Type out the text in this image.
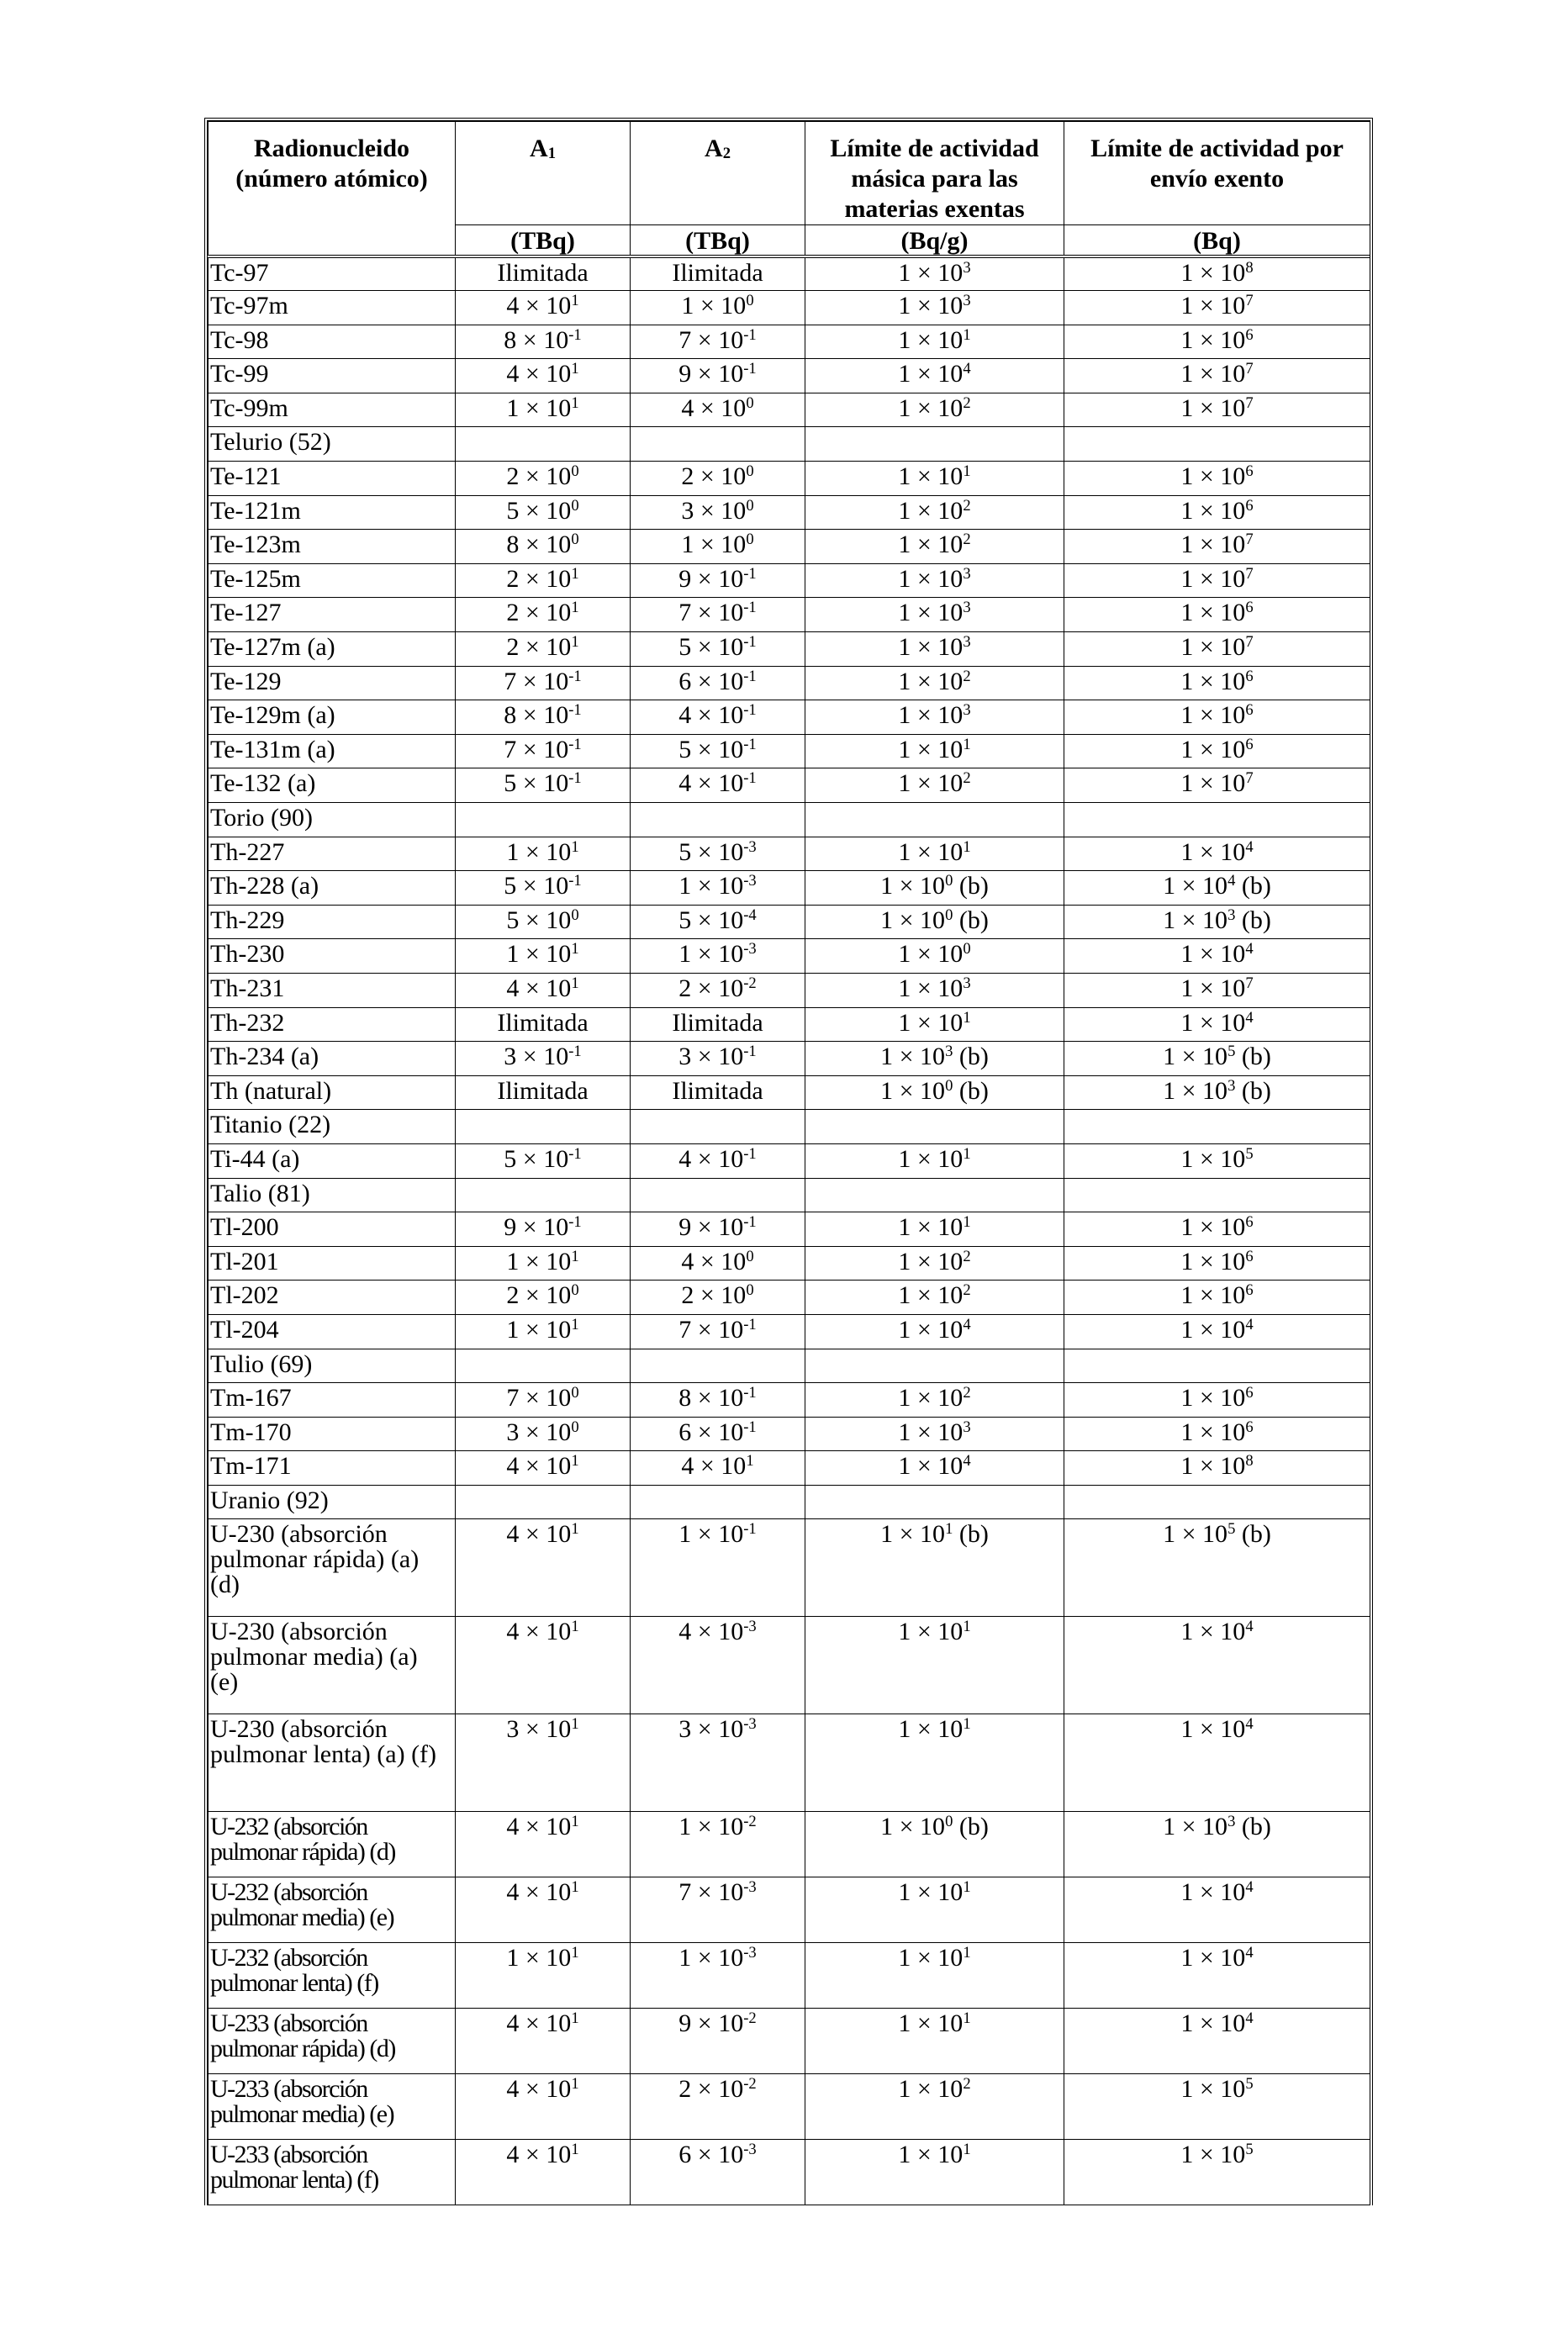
Radionucleido (número atómico)	$A_1$	$A_2$	Límite de actividad másica para las materias exentas	Límite de actividad por envío exento
	(TBq)	(TBq)	(Bq/g)	(Bq)
Tc-97	Ilimitada	Ilimitada	$1 \times 10^3$	$1 \times 10^8$
Tc-97m	$4 \times 10^1$	$1 \times 10^0$	$1 \times 10^3$	$1 \times 10^7$
Tc-98	$8 \times 10^{-1}$	$7 \times 10^{-1}$	$1 \times 10^1$	$1 \times 10^6$
Tc-99	$4 \times 10^1$	$9 \times 10^{-1}$	$1 \times 10^4$	$1 \times 10^7$
Tc-99m	$1 \times 10^1$	$4 \times 10^0$	$1 \times 10^2$	$1 \times 10^7$
Telurio (52)				
Te-121	$2 \times 10^0$	$2 \times 10^0$	$1 \times 10^1$	$1 \times 10^6$
Te-121m	$5 \times 10^0$	$3 \times 10^0$	$1 \times 10^2$	$1 \times 10^6$
Te-123m	$8 \times 10^0$	$1 \times 10^0$	$1 \times 10^2$	$1 \times 10^7$
Te-125m	$2 \times 10^1$	$9 \times 10^{-1}$	$1 \times 10^3$	$1 \times 10^7$
Te-127	$2 \times 10^1$	$7 \times 10^{-1}$	$1 \times 10^3$	$1 \times 10^6$
Te-127m (a)	$2 \times 10^1$	$5 \times 10^{-1}$	$1 \times 10^3$	$1 \times 10^7$
Te-129	$7 \times 10^{-1}$	$6 \times 10^{-1}$	$1 \times 10^2$	$1 \times 10^6$
Te-129m (a)	$8 \times 10^{-1}$	$4 \times 10^{-1}$	$1 \times 10^3$	$1 \times 10^6$
Te-131m (a)	$7 \times 10^{-1}$	$5 \times 10^{-1}$	$1 \times 10^1$	$1 \times 10^6$
Te-132 (a)	$5 \times 10^{-1}$	$4 \times 10^{-1}$	$1 \times 10^2$	$1 \times 10^7$
Torio (90)				
Th-227	$1 \times 10^1$	$5 \times 10^{-3}$	$1 \times 10^1$	$1 \times 10^4$
Th-228 (a)	$5 \times 10^{-1}$	$1 \times 10^{-3}$	$1 \times 10^0$ (b)	$1 \times 10^4$ (b)
Th-229	$5 \times 10^0$	$5 \times 10^{-4}$	$1 \times 10^0$ (b)	$1 \times 10^3$ (b)
Th-230	$1 \times 10^1$	$1 \times 10^{-3}$	$1 \times 10^0$	$1 \times 10^4$
Th-231	$4 \times 10^1$	$2 \times 10^{-2}$	$1 \times 10^3$	$1 \times 10^7$
Th-232	Ilimitada	Ilimitada	$1 \times 10^1$	$1 \times 10^4$
Th-234 (a)	$3 \times 10^{-1}$	$3 \times 10^{-1}$	$1 \times 10^3$ (b)	$1 \times 10^5$ (b)
Th (natural)	Ilimitada	Ilimitada	$1 \times 10^0$ (b)	$1 \times 10^3$ (b)
Titanio (22)				
Ti-44 (a)	$5 \times 10^{-1}$	$4 \times 10^{-1}$	$1 \times 10^1$	$1 \times 10^5$
Talio (81)				
Tl-200	$9 \times 10^{-1}$	$9 \times 10^{-1}$	$1 \times 10^1$	$1 \times 10^6$
Tl-201	$1 \times 10^1$	$4 \times 10^0$	$1 \times 10^2$	$1 \times 10^6$
Tl-202	$2 \times 10^0$	$2 \times 10^0$	$1 \times 10^2$	$1 \times 10^6$
Tl-204	$1 \times 10^1$	$7 \times 10^{-1}$	$1 \times 10^4$	$1 \times 10^4$
Tulio (69)				
Tm-167	$7 \times 10^0$	$8 \times 10^{-1}$	$1 \times 10^2$	$1 \times 10^6$
Tm-170	$3 \times 10^0$	$6 \times 10^{-1}$	$1 \times 10^3$	$1 \times 10^6$
Tm-171	$4 \times 10^1$	$4 \times 10^1$	$1 \times 10^4$	$1 \times 10^8$
Uranio (92)				
U-230 (absorción pulmonar rápida) (a) (d)	$4 \times 10^1$	$1 \times 10^{-1}$	$1 \times 10^1$ (b)	$1 \times 10^5$ (b)
U-230 (absorción pulmonar media) (a) (e)	$4 \times 10^1$	$4 \times 10^{-3}$	$1 \times 10^1$	$1 \times 10^4$
U-230 (absorción pulmonar lenta) (a) (f)	$3 \times 10^1$	$3 \times 10^{-3}$	$1 \times 10^1$	$1 \times 10^4$
U-232 (absorción pulmonar rápida) (d)	$4 \times 10^1$	$1 \times 10^{-2}$	$1 \times 10^0$ (b)	$1 \times 10^3$ (b)
U-232 (absorción pulmonar media) (e)	$4 \times 10^1$	$7 \times 10^{-3}$	$1 \times 10^1$	$1 \times 10^4$
U-232 (absorción pulmonar lenta) (f)	$1 \times 10^1$	$1 \times 10^{-3}$	$1 \times 10^1$	$1 \times 10^4$
U-233 (absorción pulmonar rápida) (d)	$4 \times 10^1$	$9 \times 10^{-2}$	$1 \times 10^1$	$1 \times 10^4$
U-233 (absorción pulmonar media) (e)	$4 \times 10^1$	$2 \times 10^{-2}$	$1 \times 10^2$	$1 \times 10^5$
U-233 (absorción pulmonar lenta) (f)	$4 \times 10^1$	$6 \times 10^{-3}$	$1 \times 10^1$	$1 \times 10^5$
